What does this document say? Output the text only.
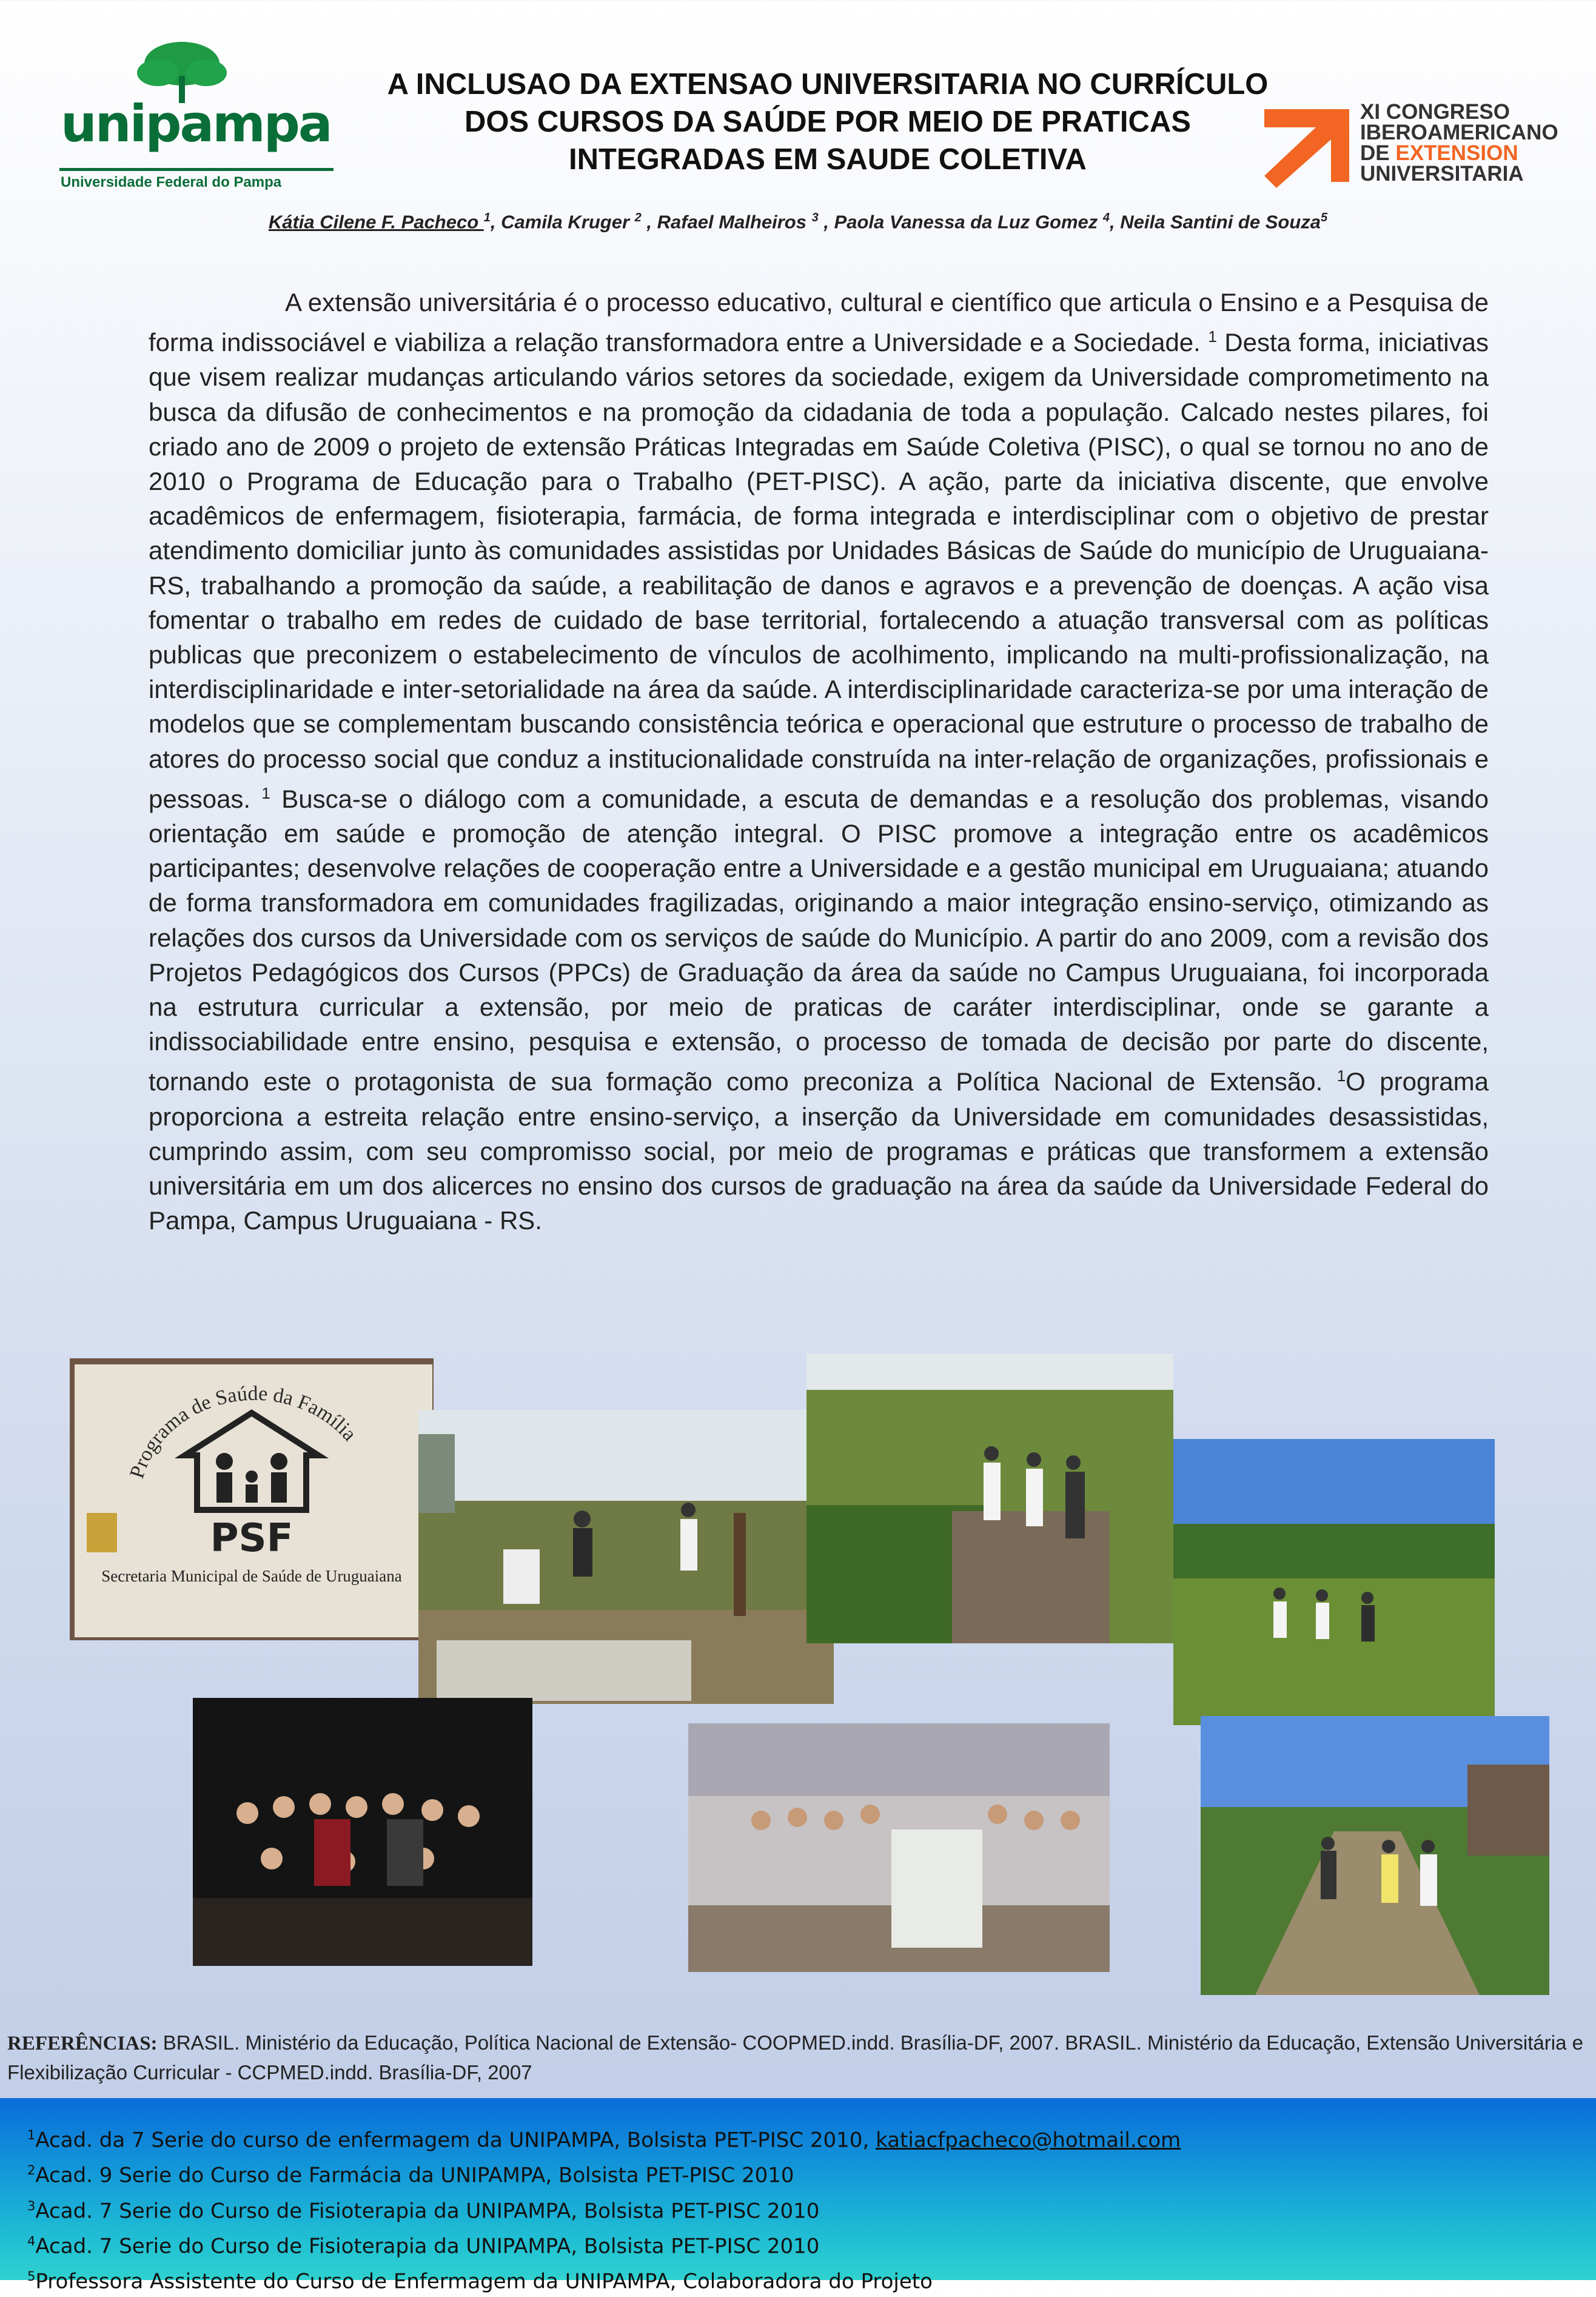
unipampa
Universidade Federal do Pampa
A INCLUSAO DA EXTENSAO UNIVERSITARIA NO CURRÍCULO
DOS CURSOS DA SAÚDE POR MEIO DE PRATICAS
INTEGRADAS EM SAUDE COLETIVA
XI CONGRESO
IBEROAMERICANO
DE EXTENSION
UNIVERSITARIA
Kátia Cilene F. Pacheco $^1$, Camila Kruger $^2$ , Rafael Malheiros $^3$ , Paola Vanessa da Luz Gomez $^4$, Neila Santini de Souza$^5$
A extensão universitária é o processo educativo, cultural e científico que articula o Ensino e a Pesquisa de forma indissociável e viabiliza a relação transformadora entre a Universidade e a Sociedade. $^1$ Desta forma, iniciativas que visem realizar mudanças articulando vários setores da sociedade, exigem da Universidade comprometimento na busca da difusão de conhecimentos e na promoção da cidadania de toda a população. Calcado nestes pilares, foi criado ano de 2009 o projeto de extensão Práticas Integradas em Saúde Coletiva (PISC), o qual se tornou no ano de 2010 o Programa de Educação para o Trabalho (PET-PISC). A ação, parte da iniciativa discente, que envolve acadêmicos de enfermagem, fisioterapia, farmácia, de forma integrada e interdisciplinar com o objetivo de prestar atendimento domiciliar junto às comunidades assistidas por Unidades Básicas de Saúde do município de Uruguaiana-RS, trabalhando a promoção da saúde, a reabilitação de danos e agravos e a prevenção de doenças. A ação visa fomentar o trabalho em redes de cuidado de base territorial, fortalecendo a atuação transversal com as políticas publicas que preconizem o estabelecimento de vínculos de acolhimento, implicando na multi-profissionalização, na interdisciplinaridade e inter-setorialidade na área da saúde. A interdisciplinaridade caracteriza-se por uma interação de modelos que se complementam buscando consistência teórica e operacional que estruture o processo de trabalho de atores do processo social que conduz a institucionalidade construída na inter-relação de organizações, profissionais e pessoas. $^1$ Busca-se o diálogo com a comunidade, a escuta de demandas e a resolução dos problemas, visando orientação em saúde e promoção de atenção integral. O PISC promove a integração entre os acadêmicos participantes; desenvolve relações de cooperação entre a Universidade e a gestão municipal em Uruguaiana; atuando de forma transformadora em comunidades fragilizadas, originando a maior integração ensino-serviço, otimizando as relações dos cursos da Universidade com os serviços de saúde do Município. A partir do ano 2009, com a revisão dos Projetos Pedagógicos dos Cursos (PPCs) de Graduação da área da saúde no Campus Uruguaiana, foi incorporada na estrutura curricular a extensão, por meio de praticas de caráter interdisciplinar, onde se garante a indissociabilidade entre ensino, pesquisa e extensão, o processo de tomada de decisão por parte do discente, tornando este o protagonista de sua formação como preconiza a Política Nacional de Extensão. $^1$O programa proporciona a estreita relação entre ensino-serviço, a inserção da Universidade em comunidades desassistidas, cumprindo assim, com seu compromisso social, por meio de programas e práticas que transformem a extensão universitária em um dos alicerces no ensino dos cursos de graduação na área da saúde da Universidade Federal do Pampa, Campus Uruguaiana - RS.
Programa de Saúde da Família
PSF
Secretaria Municipal de Saúde de Uruguaiana
REFERÊNCIAS: BRASIL. Ministério da Educação, Política Nacional de Extensão- COOPMED.indd. Brasília-DF, 2007. BRASIL. Ministério da Educação, Extensão Universitária e Flexibilização Curricular - CCPMED.indd. Brasília-DF, 2007
$^1$Acad. da 7 Serie do curso de enfermagem da UNIPAMPA, Bolsista PET-PISC 2010, katiacfpacheco@hotmail.com
$^2$Acad. 9 Serie do Curso de Farmácia da UNIPAMPA, Bolsista PET-PISC 2010
$^3$Acad. 7 Serie do Curso de Fisioterapia da UNIPAMPA, Bolsista PET-PISC 2010
$^4$Acad. 7 Serie do Curso de Fisioterapia da UNIPAMPA, Bolsista PET-PISC 2010
$^5$Professora Assistente do Curso de Enfermagem da UNIPAMPA, Colaboradora do Projeto
